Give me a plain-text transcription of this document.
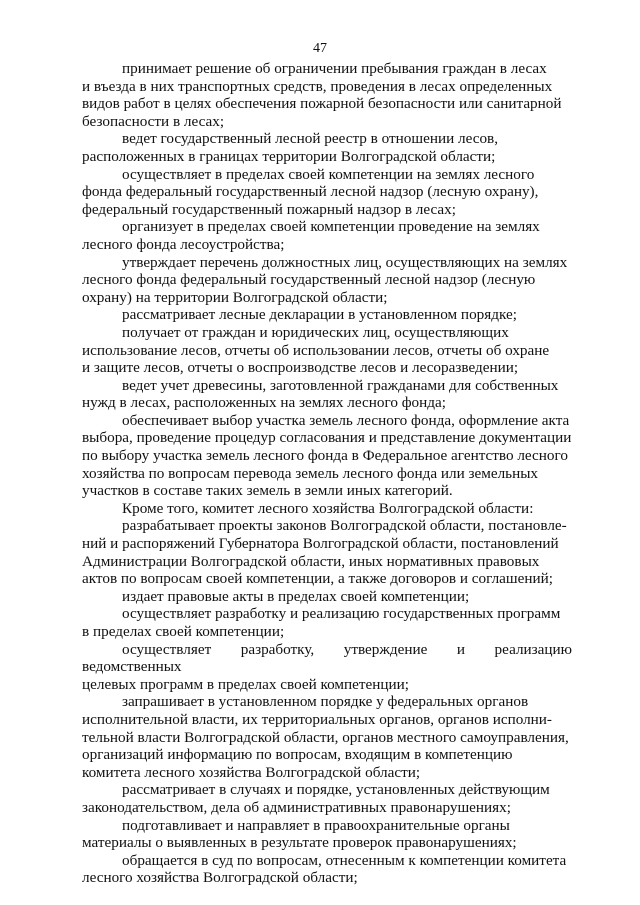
47

принимает решение об ограничении пребывания граждан в лесах
и въезда в них транспортных средств, проведения в лесах определенных
видов работ в целях обеспечения пожарной безопасности или санитарной
безопасности в лесах;

ведет государственный лесной реестр в отношении лесов,
расположенных в границах территории Волгоградской области;

осуществляет в пределах своей компетенции на землях лесного
фонда федеральный государственный лесной надзор (лесную охрану),
федеральный государственный пожарный надзор в лесах;

организует в пределах своей компетенции проведение на землях
лесного фонда лесоустройства;

утверждает перечень должностных лиц, осуществляющих на землях
лесного фонда федеральный государственный лесной надзор (лесную
охрану) на территории Волгоградской области;

рассматривает лесные декларации в установленном порядке;

получает от граждан и юридических лиц, осуществляющих
использование лесов, отчеты об использовании лесов, отчеты об охране
и защите лесов, отчеты о воспроизводстве лесов и лесоразведении;

ведет учет древесины, заготовленной гражданами для собственных
нужд в лесах, расположенных на землях лесного фонда;

обеспечивает выбор участка земель лесного фонда, оформление акта
выбора, проведение процедур согласования и представление документации
по выбору участка земель лесного фонда в Федеральное агентство лесного
хозяйства по вопросам перевода земель лесного фонда или земельных
участков в составе таких земель в земли иных категорий.

Кроме того, комитет лесного хозяйства Волгоградской области:

разрабатывает проекты законов Волгоградской области, постановле-
ний и распоряжений Губернатора Волгоградской области, постановлений
Администрации Волгоградской области, иных нормативных правовых
актов по вопросам своей компетенции, а также договоров и соглашений;

издает правовые акты в пределах своей компетенции;

осуществляет разработку и реализацию государственных программ
в пределах своей компетенции;

осуществляет разработку, утверждение и реализацию ведомственных
целевых программ в пределах своей компетенции;

запрашивает в установленном порядке у федеральных органов
исполнительной власти, их территориальных органов, органов исполни-
тельной власти Волгоградской области, органов местного самоуправления,
организаций информацию по вопросам, входящим в компетенцию
комитета лесного хозяйства Волгоградской области;

рассматривает в случаях и порядке, установленных действующим
законодательством, дела об административных правонарушениях;

подготавливает и направляет в правоохранительные органы
материалы о выявленных в результате проверок правонарушениях;

обращается в суд по вопросам, отнесенным к компетенции комитета
лесного хозяйства Волгоградской области;
